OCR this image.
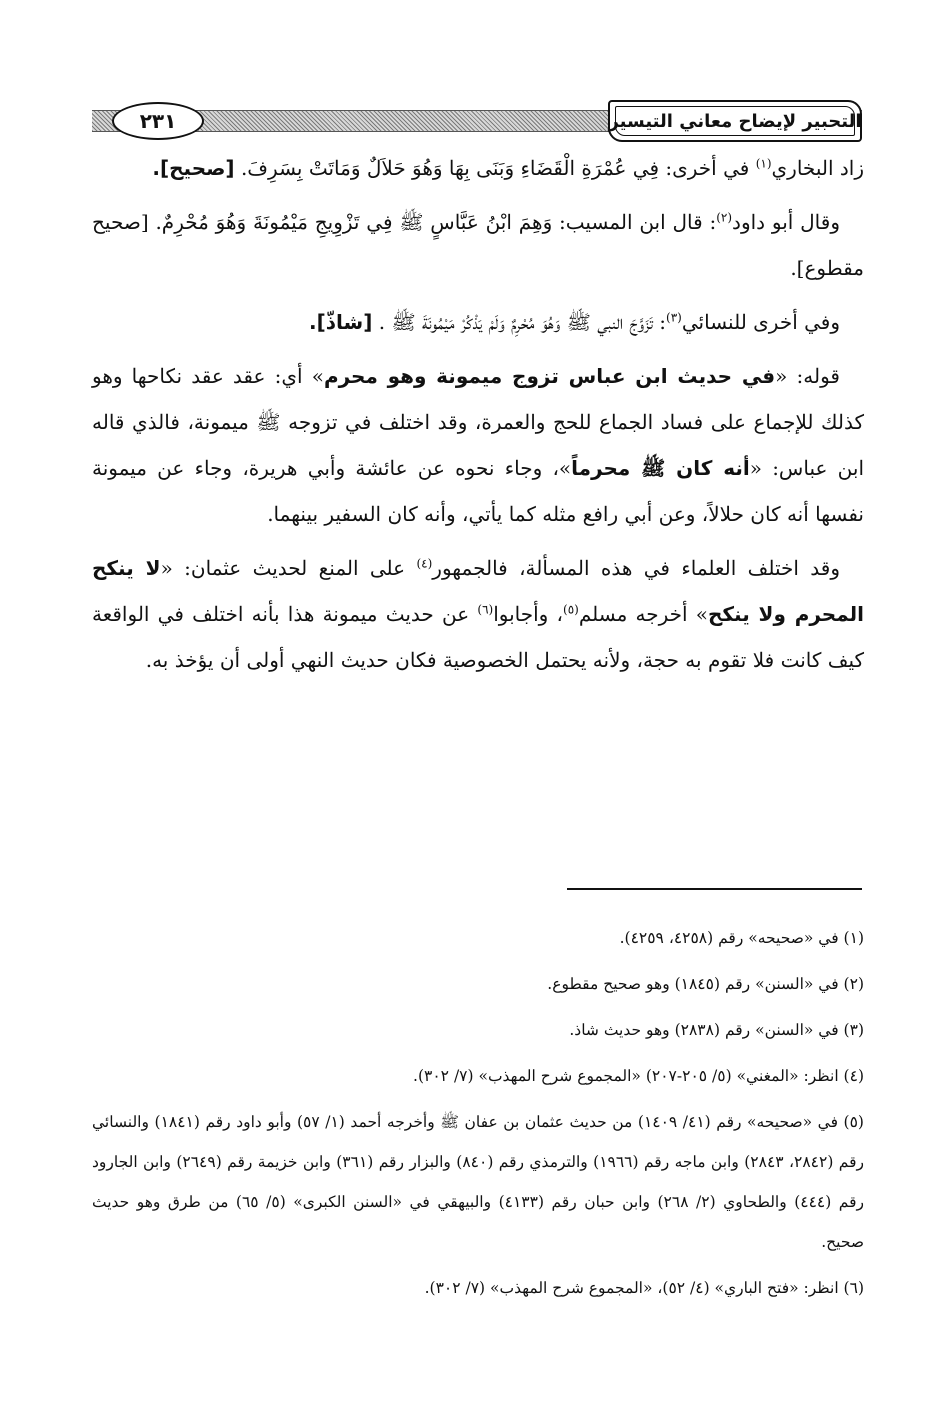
التحبير لإيضاح معاني التيسير
٢٣١

زاد البخاري$^{(١)}$ في أخرى: فِي عُمْرَةِ الْقَضَاءِ وَبَنَى بِهَا وَهُوَ حَلاَلٌ وَمَاتَتْ بِسَرِفَ. [صحيح].

وقال أبو داود$^{(٢)}$: قال ابن المسيب: وَهِمَ ابْنُ عَبَّاسٍ ﷺ فِي تَزْوِيجِ مَيْمُونَةَ وَهُوَ مُحْرِمٌ. [صحيح مقطوع].

وفي أخرى للنسائي$^{(٣)}$: تَزَوَّجَ النبي ﷺ وَهُوَ مُحْرِمٌ وَلَمْ يَذْكُرْ مَيْمُونَةَ ﷺ . [شاذّ].

قوله: «في حديث ابن عباس تزوج ميمونة وهو محرم» أي: عقد عقد نكاحها وهو كذلك للإجماع على فساد الجماع للحج والعمرة، وقد اختلف في تزوجه ﷺ ميمونة، فالذي قاله ابن عباس: «أنه كان ﷺ محرماً»، وجاء نحوه عن عائشة وأبي هريرة، وجاء عن ميمونة نفسها أنه كان حلالاً، وعن أبي رافع مثله كما يأتي، وأنه كان السفير بينهما.

وقد اختلف العلماء في هذه المسألة، فالجمهور$^{(٤)}$ على المنع لحديث عثمان: «لا ينكح المحرم ولا ينكح» أخرجه مسلم$^{(٥)}$، وأجابوا$^{(٦)}$ عن حديث ميمونة هذا بأنه اختلف في الواقعة كيف كانت فلا تقوم به حجة، ولأنه يحتمل الخصوصية فكان حديث النهي أولى أن يؤخذ به.

(١) في «صحيحه» رقم (٤٢٥٨، ٤٢٥٩).

(٢) في «السنن» رقم (١٨٤٥) وهو صحيح مقطوع.

(٣) في «السنن» رقم (٢٨٣٨) وهو حديث شاذ.

(٤) انظر: «المغني» (٥/ ٢٠٥-٢٠٧) «المجموع شرح المهذب» (٧/ ٣٠٢).

(٥) في «صحيحه» رقم (٤١/ ١٤٠٩) من حديث عثمان بن عفان ﷺ وأخرجه أحمد (١/ ٥٧) وأبو داود رقم (١٨٤١) والنسائي رقم (٢٨٤٢، ٢٨٤٣) وابن ماجه رقم (١٩٦٦) والترمذي رقم (٨٤٠) والبزار رقم (٣٦١) وابن خزيمة رقم (٢٦٤٩) وابن الجارود رقم (٤٤٤) والطحاوي (٢/ ٢٦٨) وابن حبان رقم (٤١٣٣) والبيهقي في «السنن الكبرى» (٥/ ٦٥) من طرق وهو حديث صحيح.

(٦) انظر: «فتح الباري» (٤/ ٥٢)، «المجموع شرح المهذب» (٧/ ٣٠٢).
